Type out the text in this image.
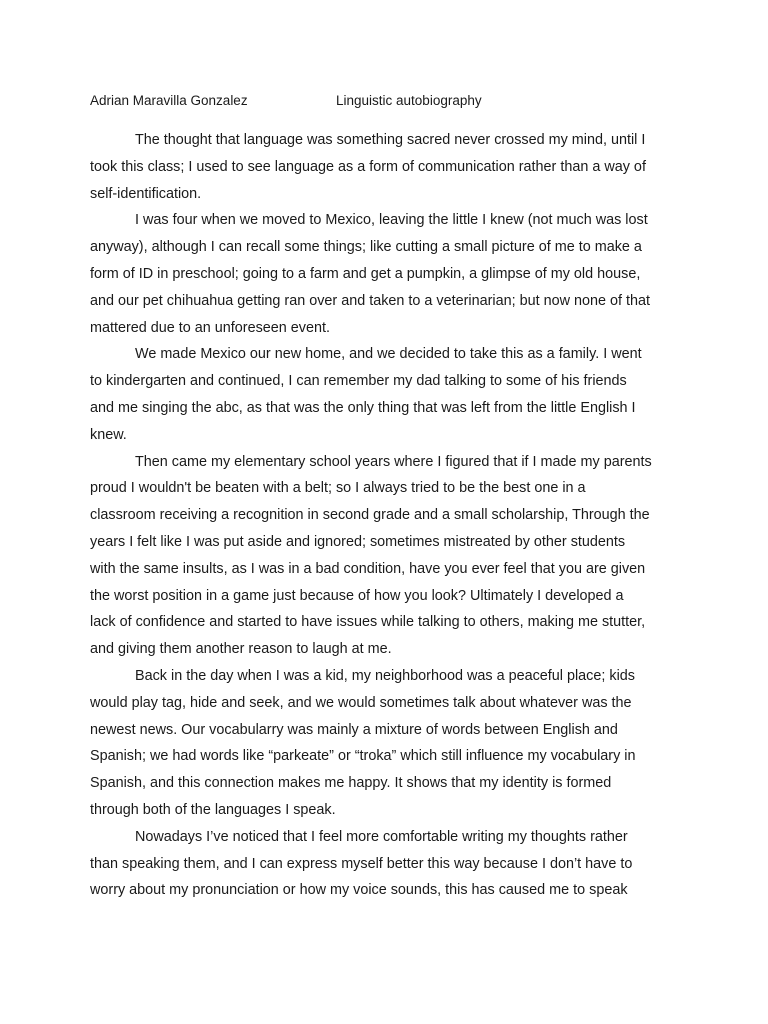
Adrian Maravilla Gonzalez	Linguistic autobiography

The thought that language was something sacred never crossed my mind, until I
took this class; I used to see language as a form of communication rather than a way of
self-identification.

I was four when we moved to Mexico, leaving the little I knew (not much was lost
anyway), although I can recall some things; like cutting a small picture of me to make a
form of ID in preschool; going to a farm and get a pumpkin, a glimpse of my old house,
and our pet chihuahua getting ran over and taken to a veterinarian; but now none of that
mattered due to an unforeseen event.

We made Mexico our new home, and we decided to take this as a family. I went
to kindergarten and continued, I can remember my dad talking to some of his friends
and me singing the abc, as that was the only thing that was left from the little English I
knew.

Then came my elementary school years where I figured that if I made my parents
proud I wouldn't be beaten with a belt; so I always tried to be the best one in a
classroom receiving a recognition in second grade and a small scholarship, Through the
years I felt like I was put aside and ignored; sometimes mistreated by other students
with the same insults, as I was in a bad condition, have you ever feel that you are given
the worst position in a game just because of how you look? Ultimately I developed a
lack of confidence and started to have issues while talking to others, making me stutter,
and giving them another reason to laugh at me.

Back in the day when I was a kid, my neighborhood was a peaceful place; kids
would play tag, hide and seek, and we would sometimes talk about whatever was the
newest news. Our vocabularry was mainly a mixture of words between English and
Spanish; we had words like “parkeate” or “troka” which still influence my vocabulary in
Spanish, and this connection makes me happy. It shows that my identity is formed
through both of the languages I speak.

Nowadays I’ve noticed that I feel more comfortable writing my thoughts rather
than speaking them, and I can express myself better this way because I don’t have to
worry about my pronunciation or how my voice sounds, this has caused me to speak
